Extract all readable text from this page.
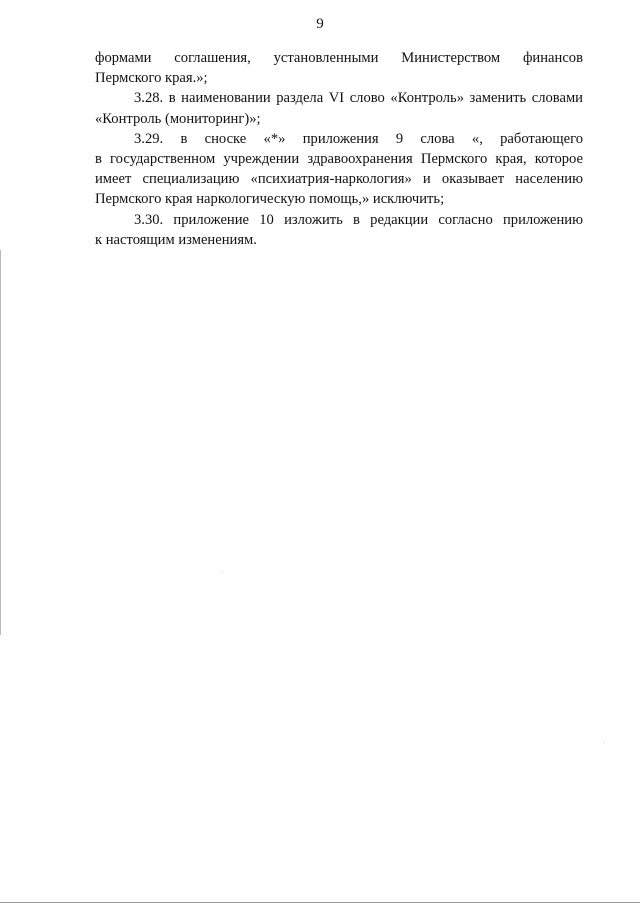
9

формами соглашения, установленными Министерством финансов
Пермского края.»;

3.28. в наименовании раздела VI слово «Контроль» заменить словами
«Контроль (мониторинг)»;

3.29. в сноске «*» приложения 9 слова «, работающего
в государственном учреждении здравоохранения Пермского края, которое
имеет специализацию «психиатрия-наркология» и оказывает населению
Пермского края наркологическую помощь,» исключить;

3.30. приложение 10 изложить в редакции согласно приложению
к настоящим изменениям.
